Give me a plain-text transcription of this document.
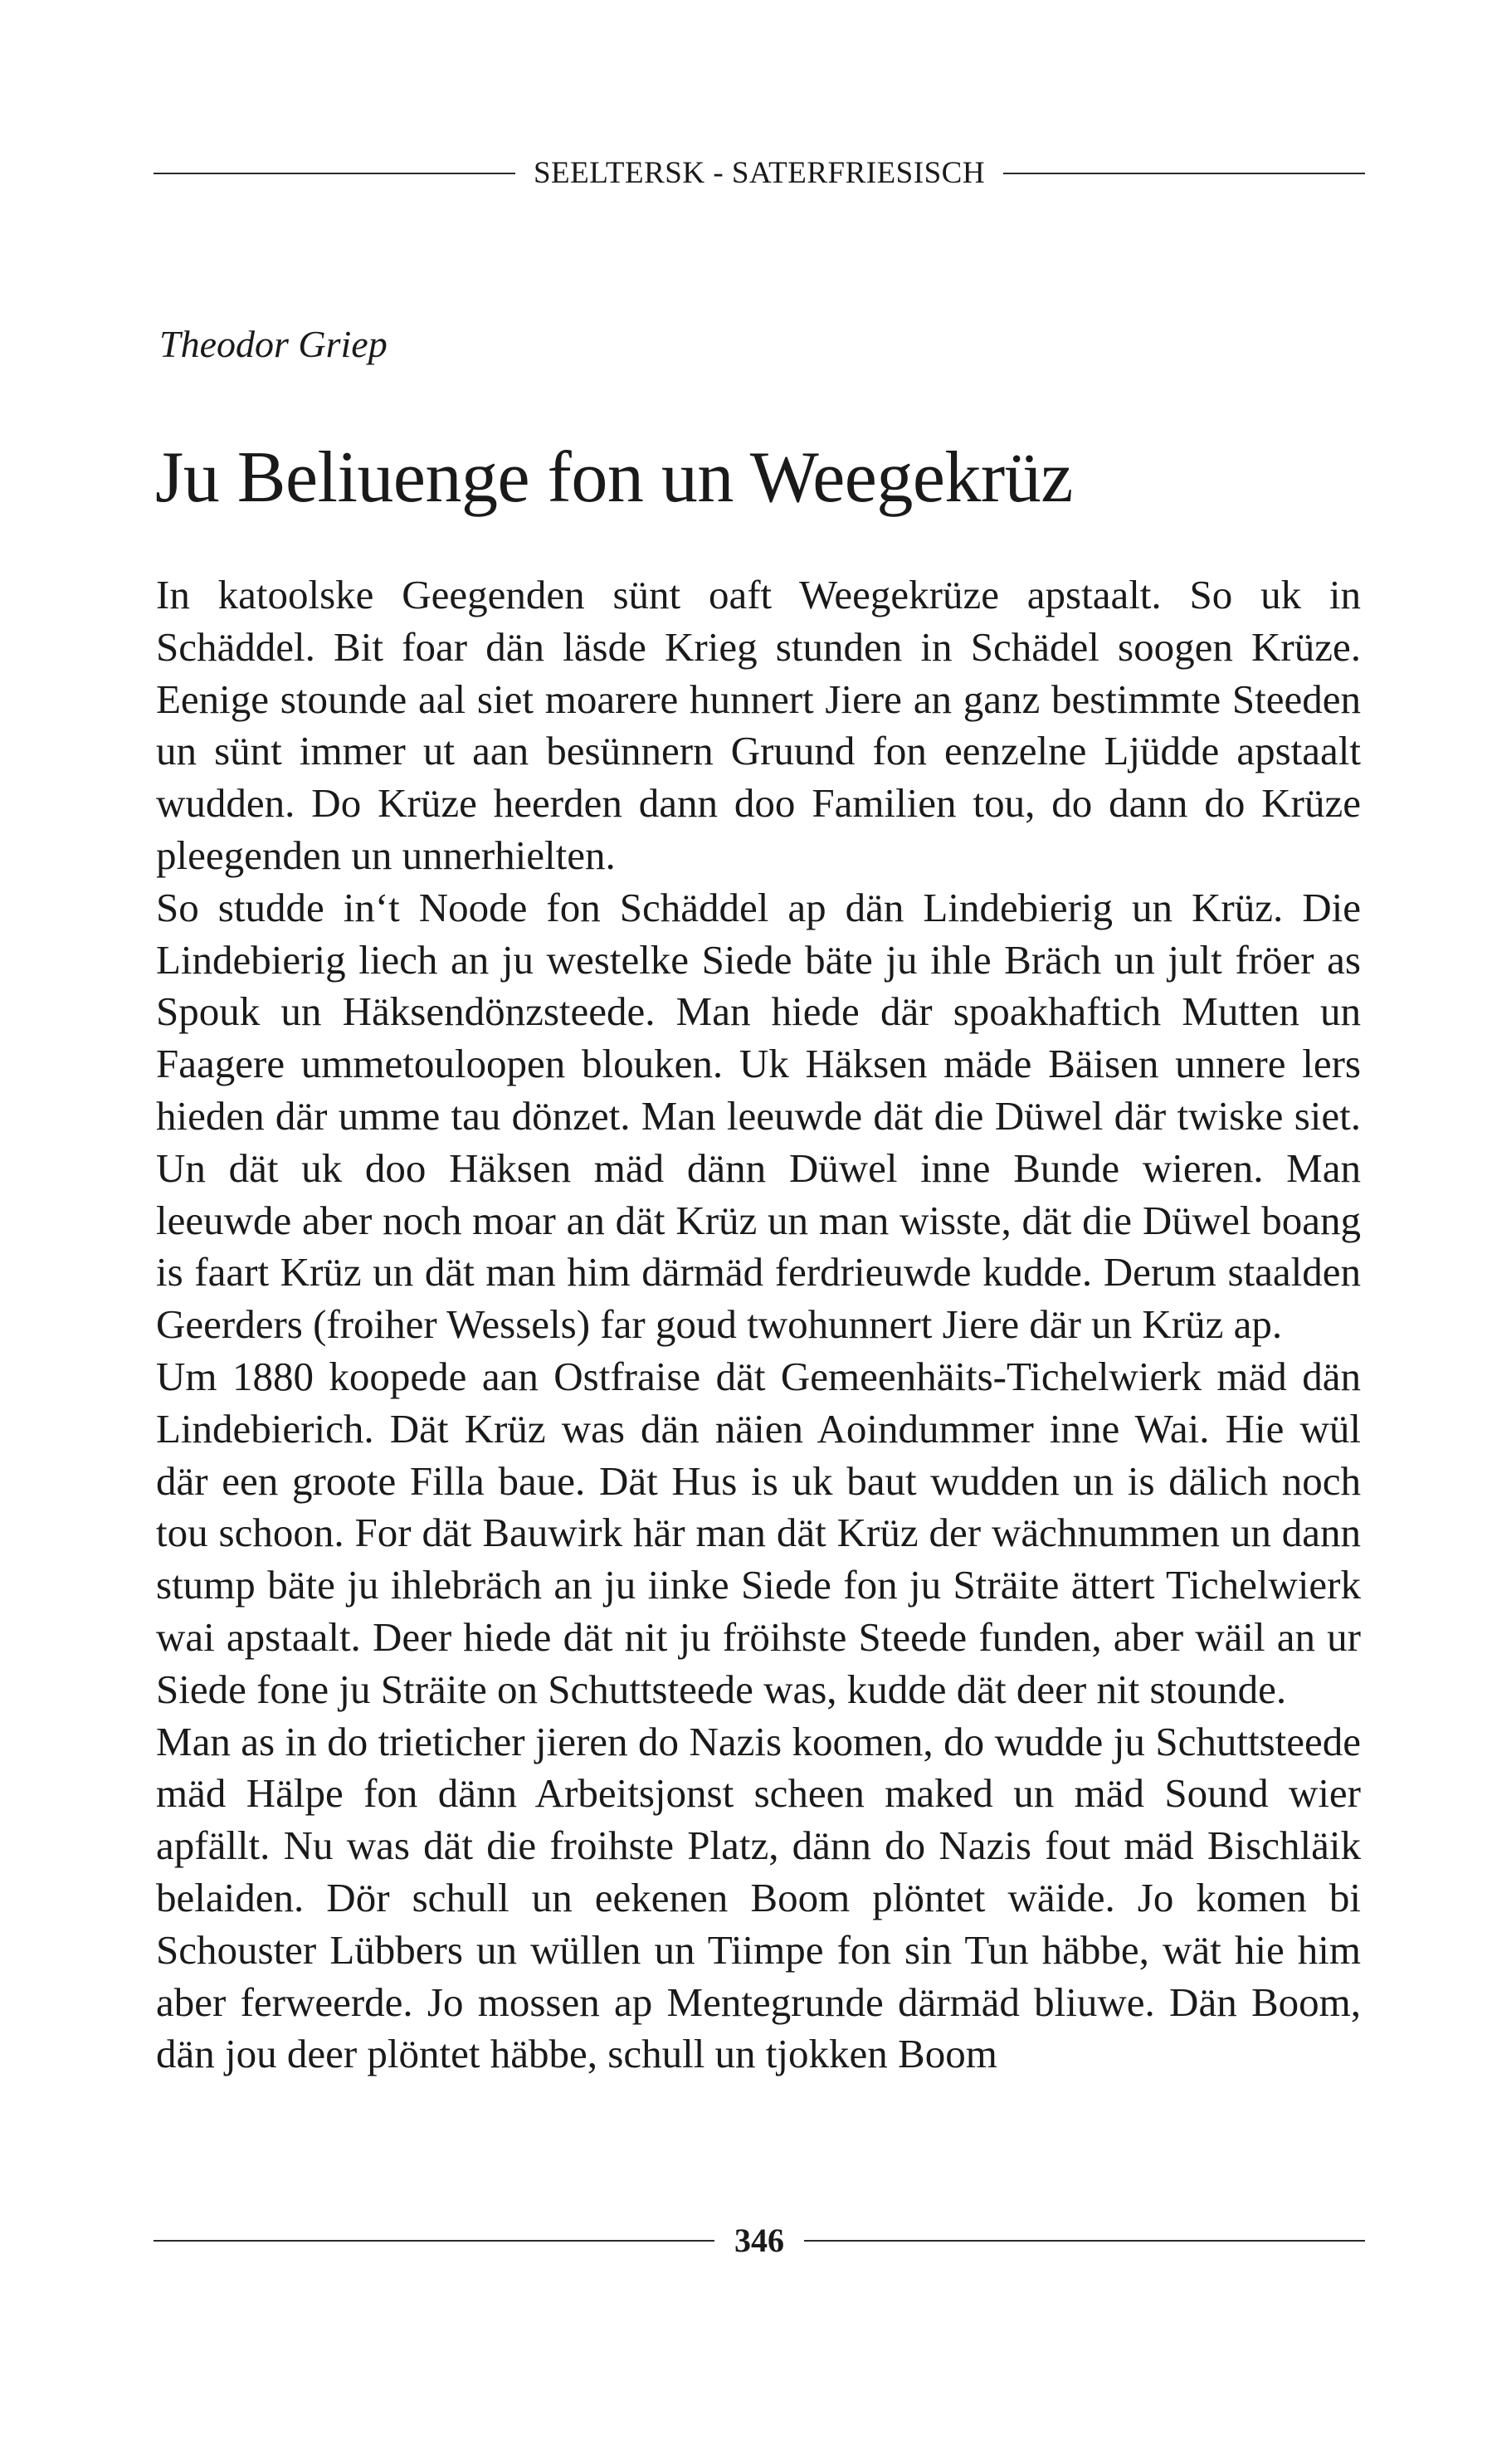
SEELTERSK - SATERFRIESISCH
Theodor Griep
Ju Beliuenge fon un Weegekrüz

In katoolske Geegenden sünt oaft Weegekrüze apstaalt. So uk in Schäddel. Bit foar dän läsde Krieg stunden in Schädel soogen Krüze. Eenige stounde aal siet moarere hunnert Jiere an ganz bestimmte Steeden un sünt immer ut aan besünnern Gruund fon eenzelne Ljüdde apstaalt wudden. Do Krüze heerden dann doo Familien tou, do dann do Krüze pleegenden un unnerhielten.

So studde in‘t Noode fon Schäddel ap dän Lindebierig un Krüz. Die Lindebierig liech an ju westelke Siede bäte ju ihle Bräch un jult fröer as Spouk un Häksendönzsteede. Man hiede där spoakhaftich Mutten un Faagere ummetouloopen blouken. Uk Häksen mäde Bäisen unnere lers hieden där umme tau dönzet. Man leeuwde dät die Düwel där twiske siet. Un dät uk doo Häksen mäd dänn Düwel inne Bunde wieren. Man leeuwde aber noch moar an dät Krüz un man wisste, dät die Düwel boang is faart Krüz un dät man him därmäd ferdrieuwde kudde. Derum staalden Geerders (froiher Wessels) far goud twohunnert Jiere där un Krüz ap.

Um 1880 koopede aan Ostfraise dät Gemeenhäits-Tichelwierk mäd dän Lindebierich. Dät Krüz was dän näien Aoindummer inne Wai. Hie wül där een groote Filla baue. Dät Hus is uk baut wudden un is dälich noch tou schoon. For dät Bauwirk här man dät Krüz der wächnummen un dann stump bäte ju ihlebräch an ju iinke Siede fon ju Sträite ättert Tichelwierk wai apstaalt. Deer hiede dät nit ju fröihste Steede funden, aber wäil an ur Siede fone ju Sträite on Schuttsteede was, kudde dät deer nit stounde.

Man as in do trieticher jieren do Nazis koomen, do wudde ju Schuttsteede mäd Hälpe fon dänn Arbeitsjonst scheen maked un mäd Sound wier apfällt. Nu was dät die froihste Platz, dänn do Nazis fout mäd Bischläik belaiden. Dör schull un eekenen Boom plöntet wäide. Jo komen bi Schouster Lübbers un wüllen un Tiimpe fon sin Tun häbbe, wät hie him aber ferweerde. Jo mossen ap Mentegrunde därmäd bliuwe. Dän Boom, dän jou deer plöntet häbbe, schull un tjokken Boom

346
